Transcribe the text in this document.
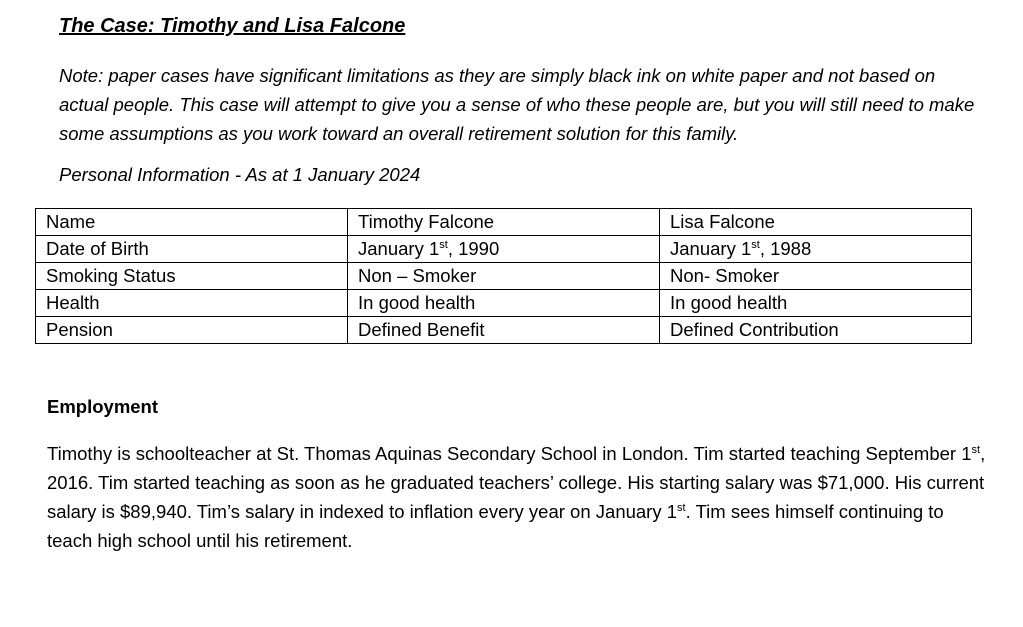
The Case: Timothy and Lisa Falcone

Note: paper cases have significant limitations as they are simply black ink on white paper and not based on actual people. This case will attempt to give you a sense of who these people are, but you will still need to make some assumptions as you work toward an overall retirement solution for this family.

Personal Information - As at 1 January 2024

Name	Timothy Falcone	Lisa Falcone
Date of Birth	January 1st, 1990	January 1st, 1988
Smoking Status	Non – Smoker	Non- Smoker
Health	In good health	In good health
Pension	Defined Benefit	Defined Contribution
Employment

Timothy is schoolteacher at St. Thomas Aquinas Secondary School in London. Tim started teaching September 1st, 2016. Tim started teaching as soon as he graduated teachers’ college. His starting salary was $71,000. His current salary is $89,940. Tim’s salary in indexed to inflation every year on January 1st. Tim sees himself continuing to teach high school until his retirement.
